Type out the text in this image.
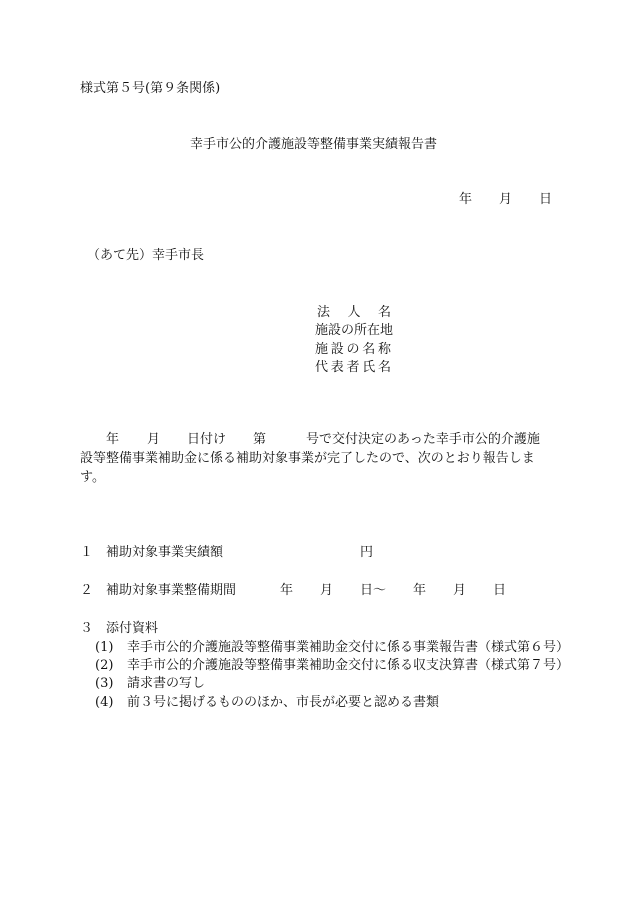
様式第５号(第９条関係)
幸手市公的介護施設等整備事業実績報告書
年 月 日
（あて先）幸手市長
法人名
施設の所在地
施設の名称
代表者氏名
年 月 日付け 第	号で交付決定のあった幸手市公的介護施
設等整備事業補助金に係る補助対象事業が完了したので、次のとおり報告しま
す。
１ 補助対象事業実績額	円
２ 補助対象事業整備期間	年 月 日～ 年 月 日
３ 添付資料
(1) 幸手市公的介護施設等整備事業補助金交付に係る事業報告書（様式第６号）
(2) 幸手市公的介護施設等整備事業補助金交付に係る収支決算書（様式第７号）
(3) 請求書の写し
(4) 前３号に掲げるもののほか、市長が必要と認める書類
